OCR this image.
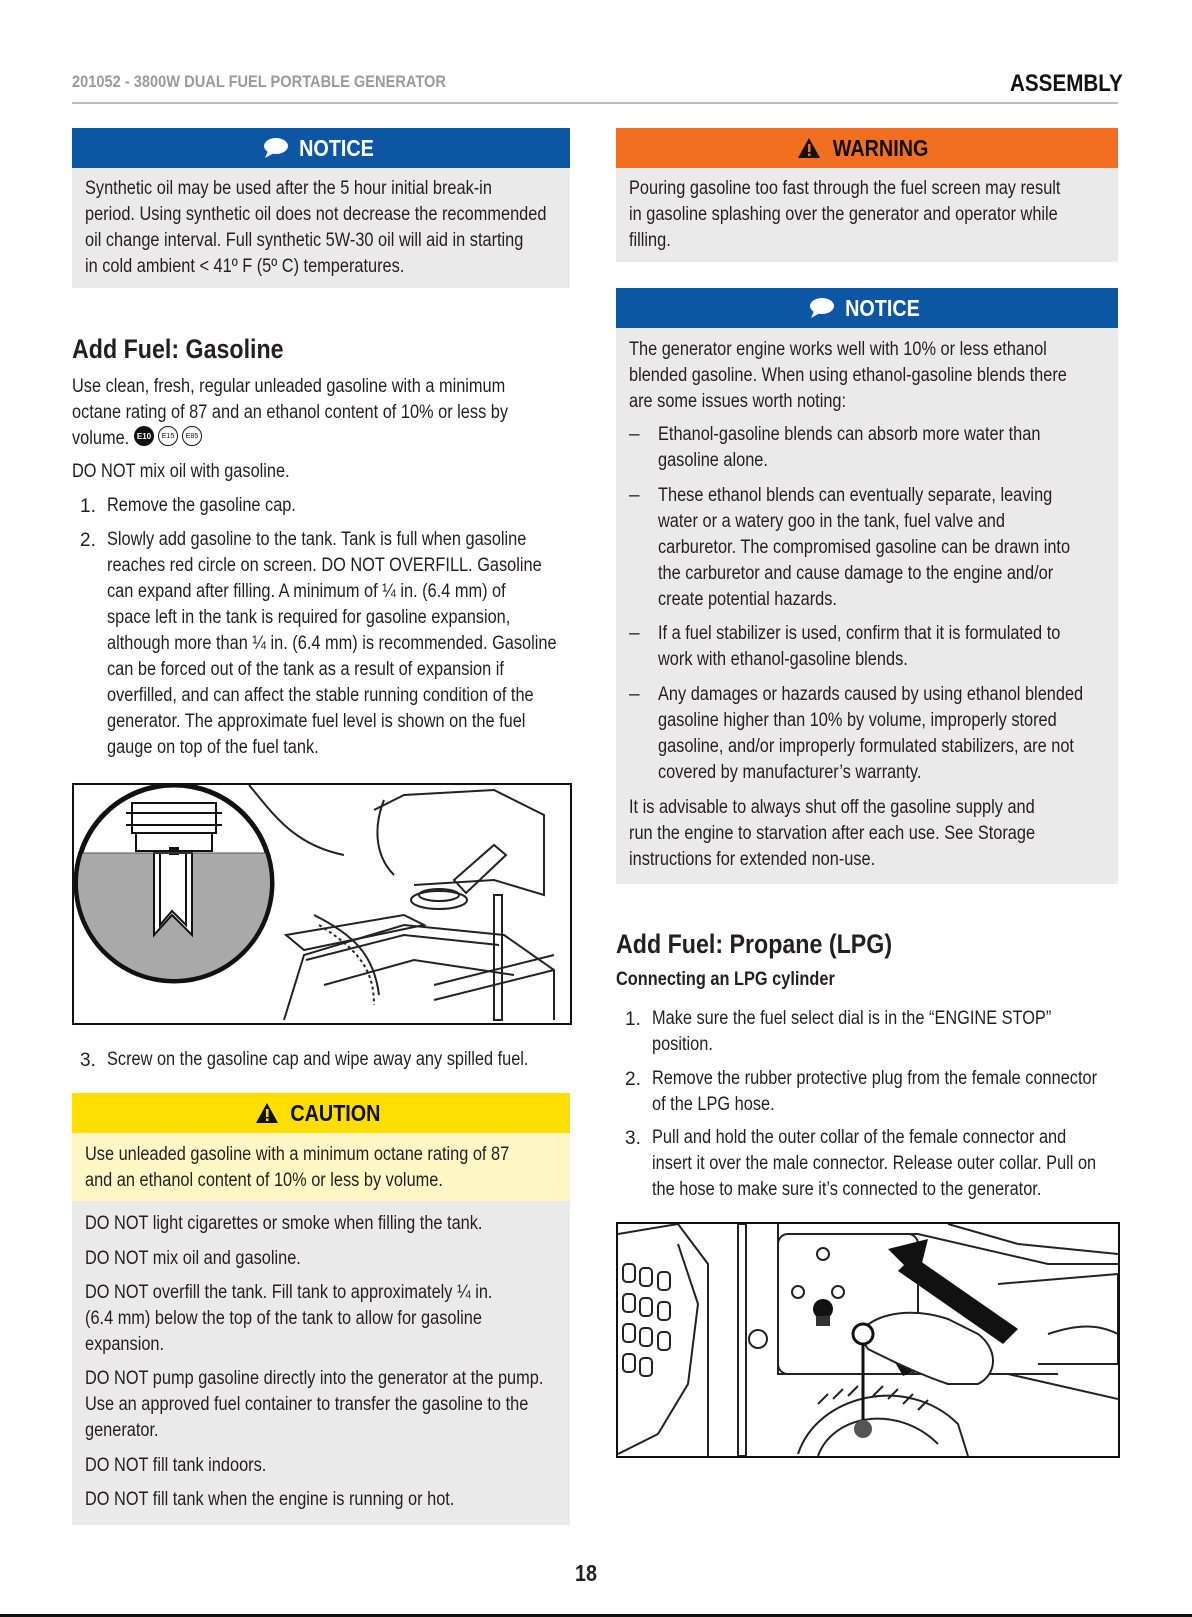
201052 - 3800W DUAL FUEL PORTABLE GENERATOR	ASSEMBLY
NOTICE
Synthetic oil may be used after the 5 hour initial break-in
period. Using synthetic oil does not decrease the recommended
oil change interval. Full synthetic 5W-30 oil will aid in starting
in cold ambient < 41º F (5º C) temperatures.
Add Fuel: Gasoline
Use clean, fresh, regular unleaded gasoline with a minimum
octane rating of 87 and an ethanol content of 10% or less by
volume. E10	E15	E85
DO NOT mix oil with gasoline.
1. Remove the gasoline cap.
2. Slowly add gasoline to the tank. Tank is full when gasoline
reaches red circle on screen. DO NOT OVERFILL. Gasoline
can expand after filling. A minimum of ¼ in. (6.4 mm) of
space left in the tank is required for gasoline expansion,
although more than ¼ in. (6.4 mm) is recommended. Gasoline
can be forced out of the tank as a result of expansion if
overfilled, and can affect the stable running condition of the
generator. The approximate fuel level is shown on the fuel
gauge on top of the fuel tank.
3. Screw on the gasoline cap and wipe away any spilled fuel.
CAUTION
Use unleaded gasoline with a minimum octane rating of 87
and an ethanol content of 10% or less by volume.
DO NOT light cigarettes or smoke when filling the tank.
DO NOT mix oil and gasoline.
DO NOT overfill the tank. Fill tank to approximately ¼ in.
(6.4 mm) below the top of the tank to allow for gasoline
expansion.
DO NOT pump gasoline directly into the generator at the pump.
Use an approved fuel container to transfer the gasoline to the
generator.
DO NOT fill tank indoors.
DO NOT fill tank when the engine is running or hot.
WARNING
Pouring gasoline too fast through the fuel screen may result
in gasoline splashing over the generator and operator while
filling.
NOTICE
The generator engine works well with 10% or less ethanol
blended gasoline. When using ethanol-gasoline blends there
are some issues worth noting:
– Ethanol-gasoline blends can absorb more water than
gasoline alone.
– These ethanol blends can eventually separate, leaving
water or a watery goo in the tank, fuel valve and
carburetor. The compromised gasoline can be drawn into
the carburetor and cause damage to the engine and/or
create potential hazards.
– If a fuel stabilizer is used, confirm that it is formulated to
work with ethanol-gasoline blends.
– Any damages or hazards caused by using ethanol blended
gasoline higher than 10% by volume, improperly stored
gasoline, and/or improperly formulated stabilizers, are not
covered by manufacturer’s warranty.
It is advisable to always shut off the gasoline supply and
run the engine to starvation after each use. See Storage
instructions for extended non-use.
Add Fuel: Propane (LPG)
Connecting an LPG cylinder
1. Make sure the fuel select dial is in the “ENGINE STOP”
position.
2. Remove the rubber protective plug from the female connector
of the LPG hose.
3. Pull and hold the outer collar of the female connector and
insert it over the male connector. Release outer collar. Pull on
the hose to make sure it’s connected to the generator.
18
